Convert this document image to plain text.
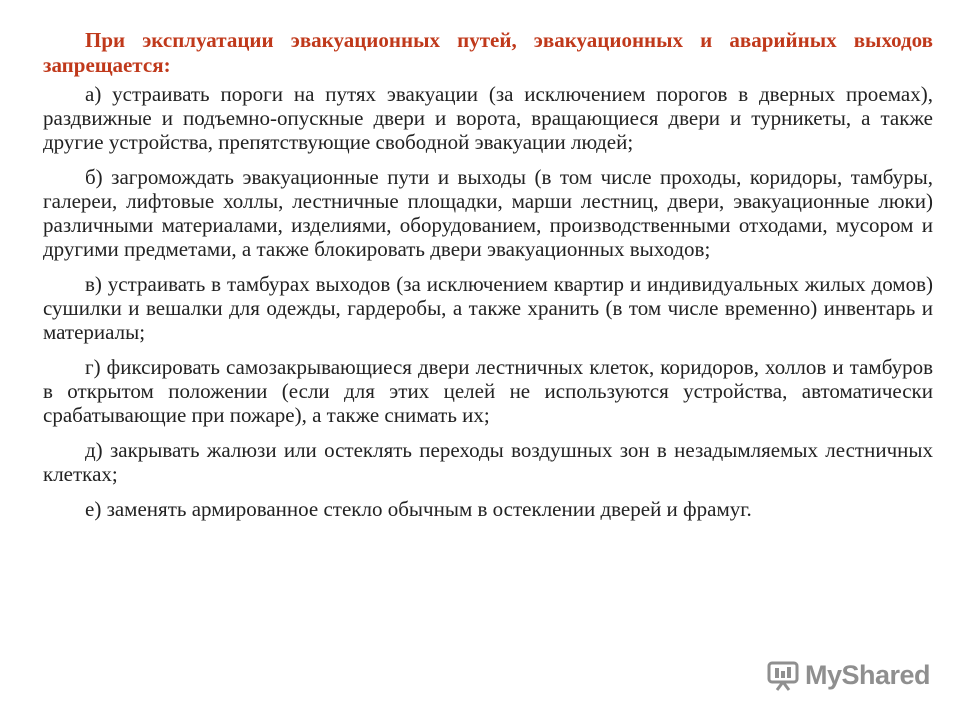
При эксплуатации эвакуационных путей, эвакуационных и аварийных выходов запрещается:

а) устраивать пороги на путях эвакуации (за исключением порогов в дверных проемах), раздвижные и подъемно-опускные двери и ворота, вращающиеся двери и турникеты, а также другие устройства, препятствующие свободной эвакуации людей;

б) загромождать эвакуационные пути и выходы (в том числе проходы, коридоры, тамбуры, галереи, лифтовые холлы, лестничные площадки, марши лестниц, двери, эвакуационные люки) различными материалами, изделиями, оборудованием, производственными отходами, мусором и другими предметами, а также блокировать двери эвакуационных выходов;

в) устраивать в тамбурах выходов (за исключением квартир и индивидуальных жилых домов) сушилки и вешалки для одежды, гардеробы, а также хранить (в том числе временно) инвентарь и материалы;

г) фиксировать самозакрывающиеся двери лестничных клеток, коридоров, холлов и тамбуров в открытом положении (если для этих целей не используются устройства, автоматически срабатывающие при пожаре), а также снимать их;

д) закрывать жалюзи или остеклять переходы воздушных зон в незадымляемых лестничных клетках;

е) заменять армированное стекло обычным в остеклении дверей и фрамуг.

MyShared
